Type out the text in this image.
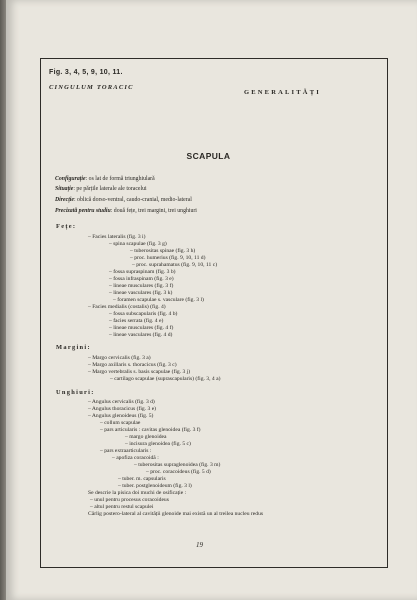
Fig. 3, 4, 5, 9, 10, 11.
CINGULUM TORACIC
GENERALITĂȚI
SCAPULA
Configurație: os lat de formă triunghiulară
Situație: pe părțile laterale ale toracelui
Direcție: oblică dorso-ventral, caudo-cranial, medio-lateral
Precizată pentru studiu: două fețe, trei margini, trei unghiuri
Fețe:
– Facies lateralis (fig. 3 i)
– spina scapulae (fig. 3 g)
– tuberositas spinae (fig. 3 h)
– proc. humerius (fig. 9, 10, 11 d)
– proc. suprahamatus (fig. 9, 10, 11 c)
– fossa supraspinam (fig. 3 b)
– fossa infraspinam (fig. 3 e)
– lineae musculares (fig. 3 f)
– lineae vasculares (fig. 3 k)
– foramen scapulae s. vasculare (fig. 3 l)
– Facies medialis (costalis) (fig. 4)
– fossa subscapularis (fig. 4 b)
– facies serrata (fig. 4 e)
– lineae musculares (fig. 4 f)
– lineae vasculares (fig. 4 d)
Margini:
– Margo cervicalis (fig. 3 a)
– Margo axillaris s. thoracicus (fig. 3 c)
– Margo vertebralis s. basis scapulae (fig. 3 j)
– cartilago scapulae (suprascapularis) (fig. 3, 4 a)
Unghiuri:
– Angulus cervicalis (fig. 3 d)
– Angulus thoracicus (fig. 3 e)
– Angulus glenoideus (fig. 5)
– collum scapulae
– pars articularis : cavitas glenoidea (fig. 3 f)
– margo glenoidea
– incisura glenoidea (fig. 5 c)
– pars extraarticularis :
– apofiza coracoidă :
– tuberositas supraglenoidea (fig. 3 m)
– proc. coracoideus (fig. 5 d)
– tuber. m. capsularis
– tuber. postglenoideum (fig. 3 l)
Se descrie la pisica doi muchi de osificație :
– unul pentru procesus coracoideus
– altul pentru restul scapulei
Cârlig postero-lateral al cavității glenoide mai există un al treilea nucleu redus
19
